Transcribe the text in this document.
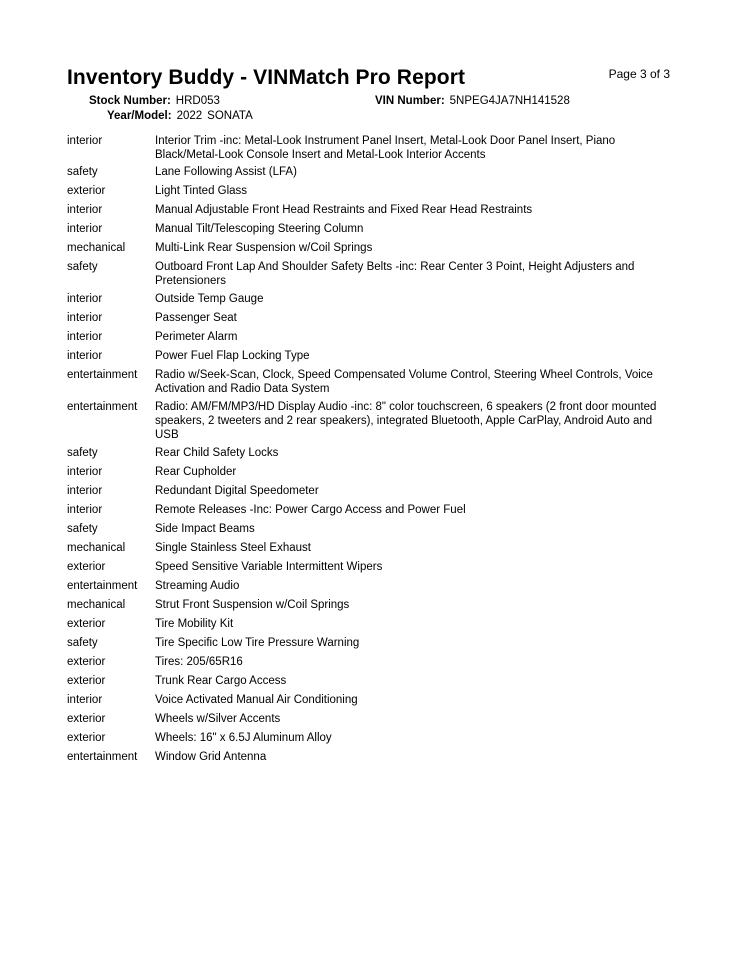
Inventory Buddy - VINMatch Pro Report	Page 3 of 3
Stock Number: HRD053	VIN Number: 5NPEG4JA7NH141528
Year/Model: 2022 SONATA
interior	Interior Trim -inc: Metal-Look Instrument Panel Insert, Metal-Look Door Panel Insert, Piano Black/Metal-Look Console Insert and Metal-Look Interior Accents
safety	Lane Following Assist (LFA)
exterior	Light Tinted Glass
interior	Manual Adjustable Front Head Restraints and Fixed Rear Head Restraints
interior	Manual Tilt/Telescoping Steering Column
mechanical	Multi-Link Rear Suspension w/Coil Springs
safety	Outboard Front Lap And Shoulder Safety Belts -inc: Rear Center 3 Point, Height Adjusters and Pretensioners
interior	Outside Temp Gauge
interior	Passenger Seat
interior	Perimeter Alarm
interior	Power Fuel Flap Locking Type
entertainment	Radio w/Seek-Scan, Clock, Speed Compensated Volume Control, Steering Wheel Controls, Voice Activation and Radio Data System
entertainment	Radio: AM/FM/MP3/HD Display Audio -inc: 8" color touchscreen, 6 speakers (2 front door mounted speakers, 2 tweeters and 2 rear speakers), integrated Bluetooth, Apple CarPlay, Android Auto and USB
safety	Rear Child Safety Locks
interior	Rear Cupholder
interior	Redundant Digital Speedometer
interior	Remote Releases -Inc: Power Cargo Access and Power Fuel
safety	Side Impact Beams
mechanical	Single Stainless Steel Exhaust
exterior	Speed Sensitive Variable Intermittent Wipers
entertainment	Streaming Audio
mechanical	Strut Front Suspension w/Coil Springs
exterior	Tire Mobility Kit
safety	Tire Specific Low Tire Pressure Warning
exterior	Tires: 205/65R16
exterior	Trunk Rear Cargo Access
interior	Voice Activated Manual Air Conditioning
exterior	Wheels w/Silver Accents
exterior	Wheels: 16" x 6.5J Aluminum Alloy
entertainment	Window Grid Antenna
